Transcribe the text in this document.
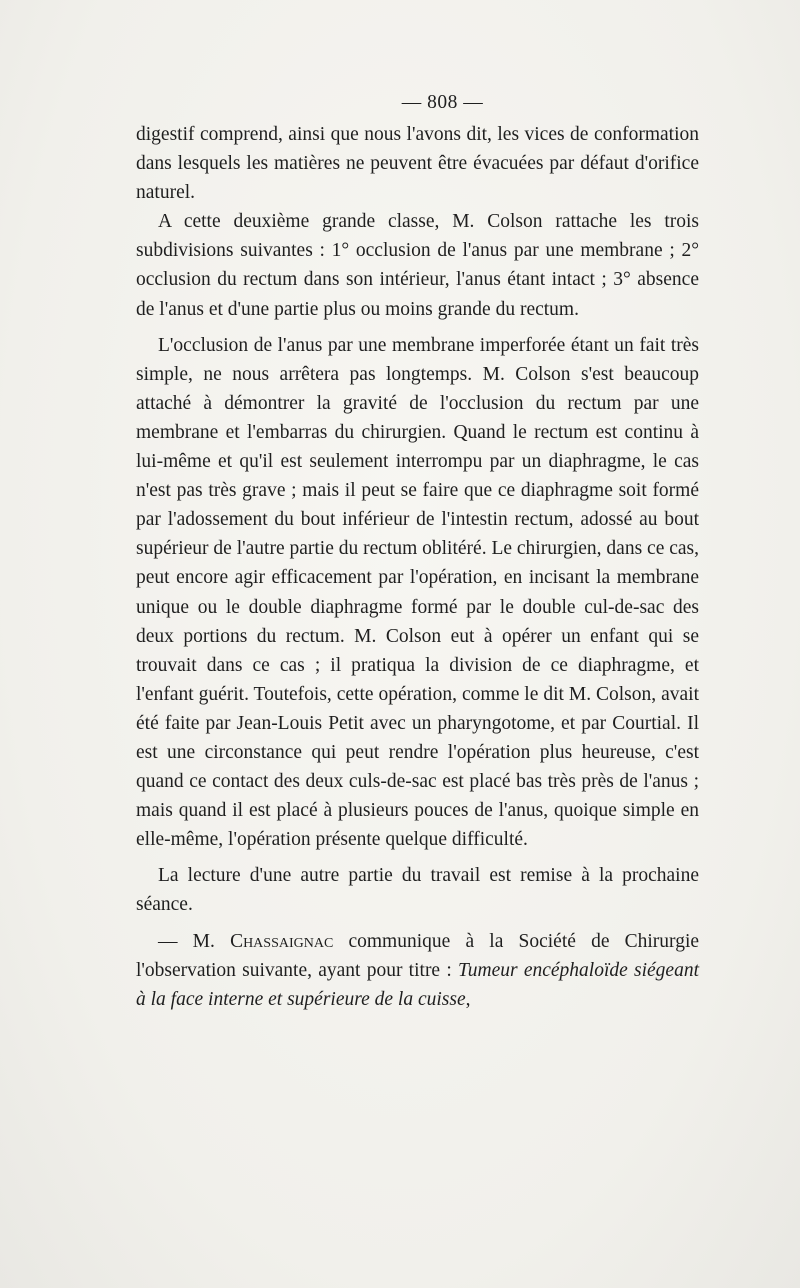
— 808 —

digestif comprend, ainsi que nous l'avons dit, les vices de conformation dans lesquels les matières ne peuvent être évacuées par défaut d'orifice naturel.

A cette deuxième grande classe, M. Colson rattache les trois subdivisions suivantes : 1° occlusion de l'anus par une membrane ; 2° occlusion du rectum dans son intérieur, l'anus étant intact ; 3° absence de l'anus et d'une partie plus ou moins grande du rectum.

L'occlusion de l'anus par une membrane imperforée étant un fait très simple, ne nous arrêtera pas longtemps. M. Colson s'est beaucoup attaché à démontrer la gravité de l'occlusion du rectum par une membrane et l'embarras du chirurgien. Quand le rectum est continu à lui-même et qu'il est seulement interrompu par un diaphragme, le cas n'est pas très grave ; mais il peut se faire que ce diaphragme soit formé par l'adossement du bout inférieur de l'intestin rectum, adossé au bout supérieur de l'autre partie du rectum oblitéré. Le chirurgien, dans ce cas, peut encore agir efficacement par l'opération, en incisant la membrane unique ou le double diaphragme formé par le double cul-de-sac des deux portions du rectum. M. Colson eut à opérer un enfant qui se trouvait dans ce cas ; il pratiqua la division de ce diaphragme, et l'enfant guérit. Toutefois, cette opération, comme le dit M. Colson, avait été faite par Jean-Louis Petit avec un pharyngotome, et par Courtial. Il est une circonstance qui peut rendre l'opération plus heureuse, c'est quand ce contact des deux culs-de-sac est placé bas très près de l'anus ; mais quand il est placé à plusieurs pouces de l'anus, quoique simple en elle-même, l'opération présente quelque difficulté.

La lecture d'une autre partie du travail est remise à la prochaine séance.

— M. Chassaignac communique à la Société de Chirurgie l'observation suivante, ayant pour titre : Tumeur encéphaloïde siégeant à la face interne et supérieure de la cuisse,
